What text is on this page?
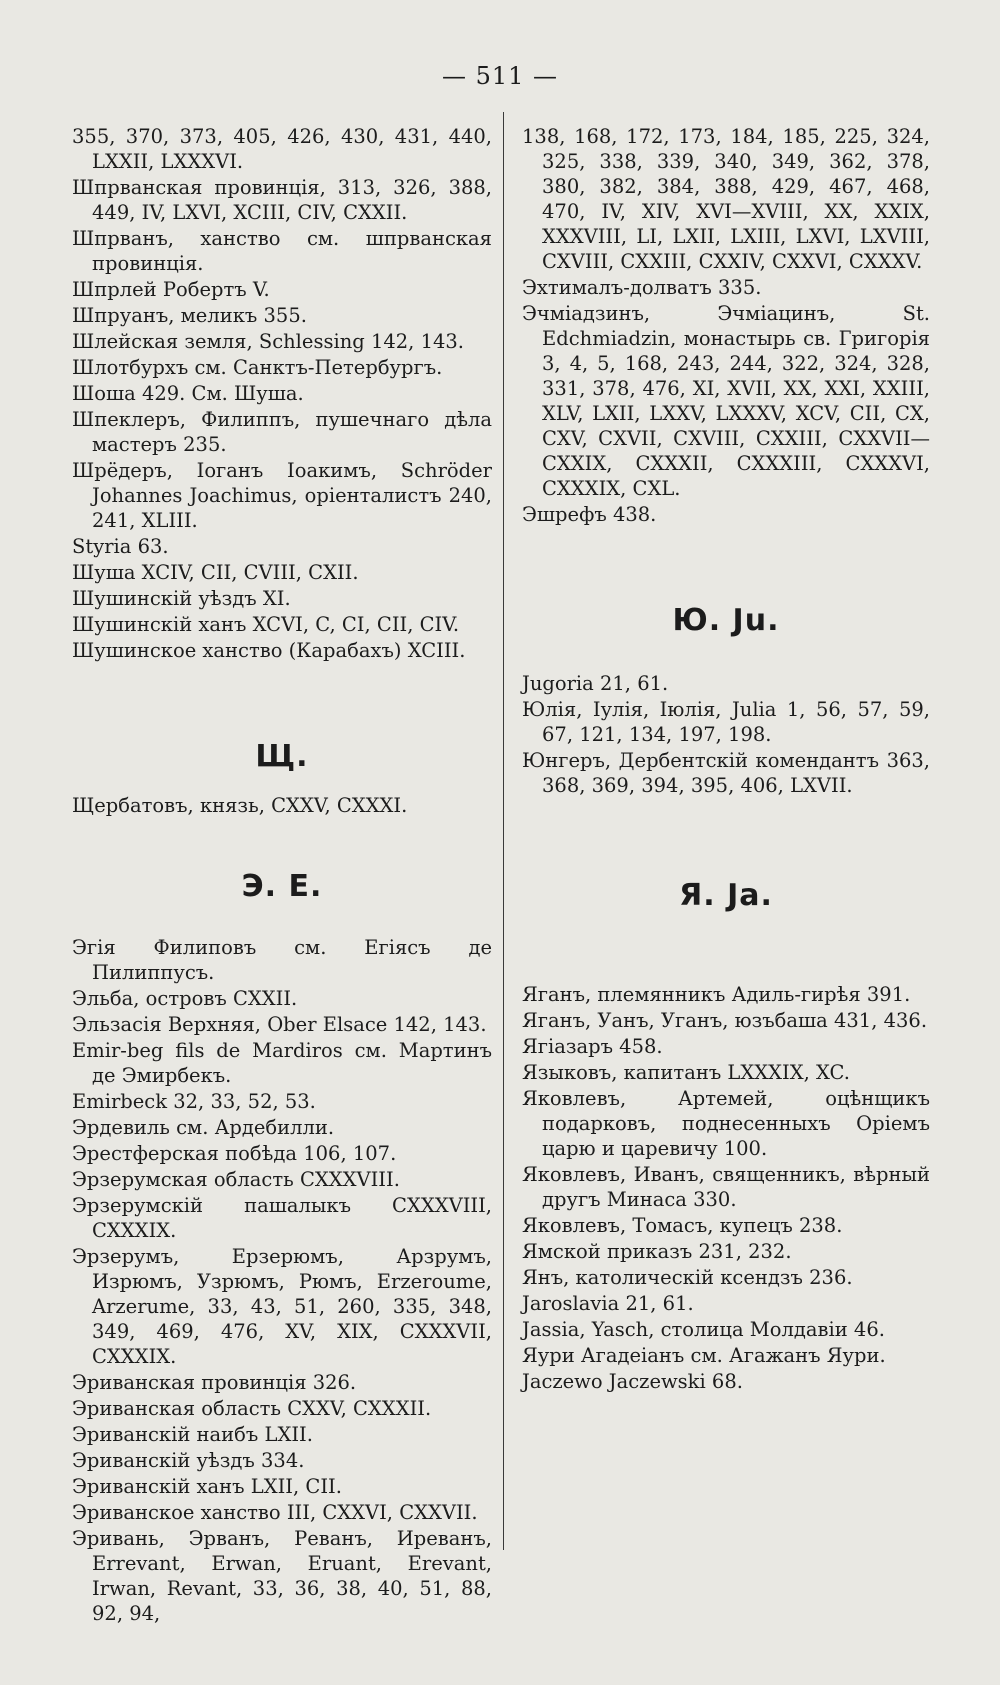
— 511 —

355, 370, 373, 405, 426, 430, 431, 440, LXXII, LXXXVI.

Шпрванская провинція, 313, 326, 388, 449, IV, LXVI, XCIII, CIV, CXXII.

Шпрванъ, ханство см. шпрванская провинція.

Шпрлей Робертъ V.

Шпруанъ, меликъ 355.

Шлейская земля, Schlessing 142, 143.

Шлотбурхъ см. Санктъ-Петербургъ.

Шоша 429. См. Шуша.

Шпеклеръ, Филиппъ, пушечнаго дѣла мастеръ 235.

Шрёдеръ, Іоганъ Іоакимъ, Schröder Johannes Joachimus, оріенталистъ 240, 241, XLIII.

Styria 63.

Шуша XCIV, CII, CVIII, CXII.

Шушинскій уѣздъ XI.

Шушинскій ханъ XCVI, C, CI, CII, CIV.

Шушинское ханство (Карабахъ) XCIII.

Щ.

Щербатовъ, князь, CXXV, CXXXI.

Э. Е.

Эгія Филиповъ см. Егіясъ де Пилиппусъ.

Эльба, островъ CXXII.

Эльзасія Верхняя, Ober Elsace 142, 143.

Emir-beg fils de Mardiros см. Мартинъ де Эмирбекъ.

Emirbeck 32, 33, 52, 53.

Эрдевиль см. Ардебилли.

Эрестферская побѣда 106, 107.

Эрзерумская область CXXXVIII.

Эрзерумскій пашалыкъ CXXXVIII, CXXXIX.

Эрзерумъ, Ерзерюмъ, Арзрумъ, Изрюмъ, Узрюмъ, Рюмъ, Erzeroume, Arzerume, 33, 43, 51, 260, 335, 348, 349, 469, 476, XV, XIX, CXXXVII, CXXXIX.

Эриванская провинція 326.

Эриванская область CXXV, CXXXII.

Эриванскій наибъ LXII.

Эриванскій уѣздъ 334.

Эриванскій ханъ LXII, CII.

Эриванское ханство III, CXXVI, CXXVII.

Эривань, Эрванъ, Реванъ, Иреванъ, Errevant, Erwan, Eruant, Erevant, Irwan, Revant, 33, 36, 38, 40, 51, 88, 92, 94,

138, 168, 172, 173, 184, 185, 225, 324, 325, 338, 339, 340, 349, 362, 378, 380, 382, 384, 388, 429, 467, 468, 470, IV, XIV, XVI—XVIII, XX, XXIX, XXXVIII, LI, LXII, LXIII, LXVI, LXVIII, CXVIII, CXXIII, CXXIV, CXXVI, CXXXV.

Эхтималъ-долватъ 335.

Эчміадзинъ, Эчміацинъ, St. Edchmiadzin, монастырь св. Григорія 3, 4, 5, 168, 243, 244, 322, 324, 328, 331, 378, 476, XI, XVII, XX, XXI, XXIII, XLV, LXII, LXXV, LXXXV, XCV, CII, CX, CXV, CXVII, CXVIII, CXXIII, CXXVII—CXXIX, CXXXII, CXXXIII, CXXXVI, CXXXIX, CXL.

Эшрефъ 438.

Ю. Ju.

Jugoria 21, 61.

Юлія, Іулія, Іюлія, Julia 1, 56, 57, 59, 67, 121, 134, 197, 198.

Юнгеръ, Дербентскій комендантъ 363, 368, 369, 394, 395, 406, LXVII.

Я. Ja.

Яганъ, племянникъ Адиль-гирѣя 391.

Яганъ, Уанъ, Уганъ, юзъбаша 431, 436.

Ягіазаръ 458.

Языковъ, капитанъ LXXXIX, XC.

Яковлевъ, Артемей, оцѣнщикъ подарковъ, поднесенныхъ Оріемъ царю и царевичу 100.

Яковлевъ, Иванъ, священникъ, вѣрный другъ Минаса 330.

Яковлевъ, Томасъ, купецъ 238.

Ямской приказъ 231, 232.

Янъ, католическій ксендзъ 236.

Jaroslavia 21, 61.

Jassia, Yasch, столица Молдавіи 46.

Яури Агадеіанъ см. Агажанъ Яури.

Jaczewo Jaczewski 68.
